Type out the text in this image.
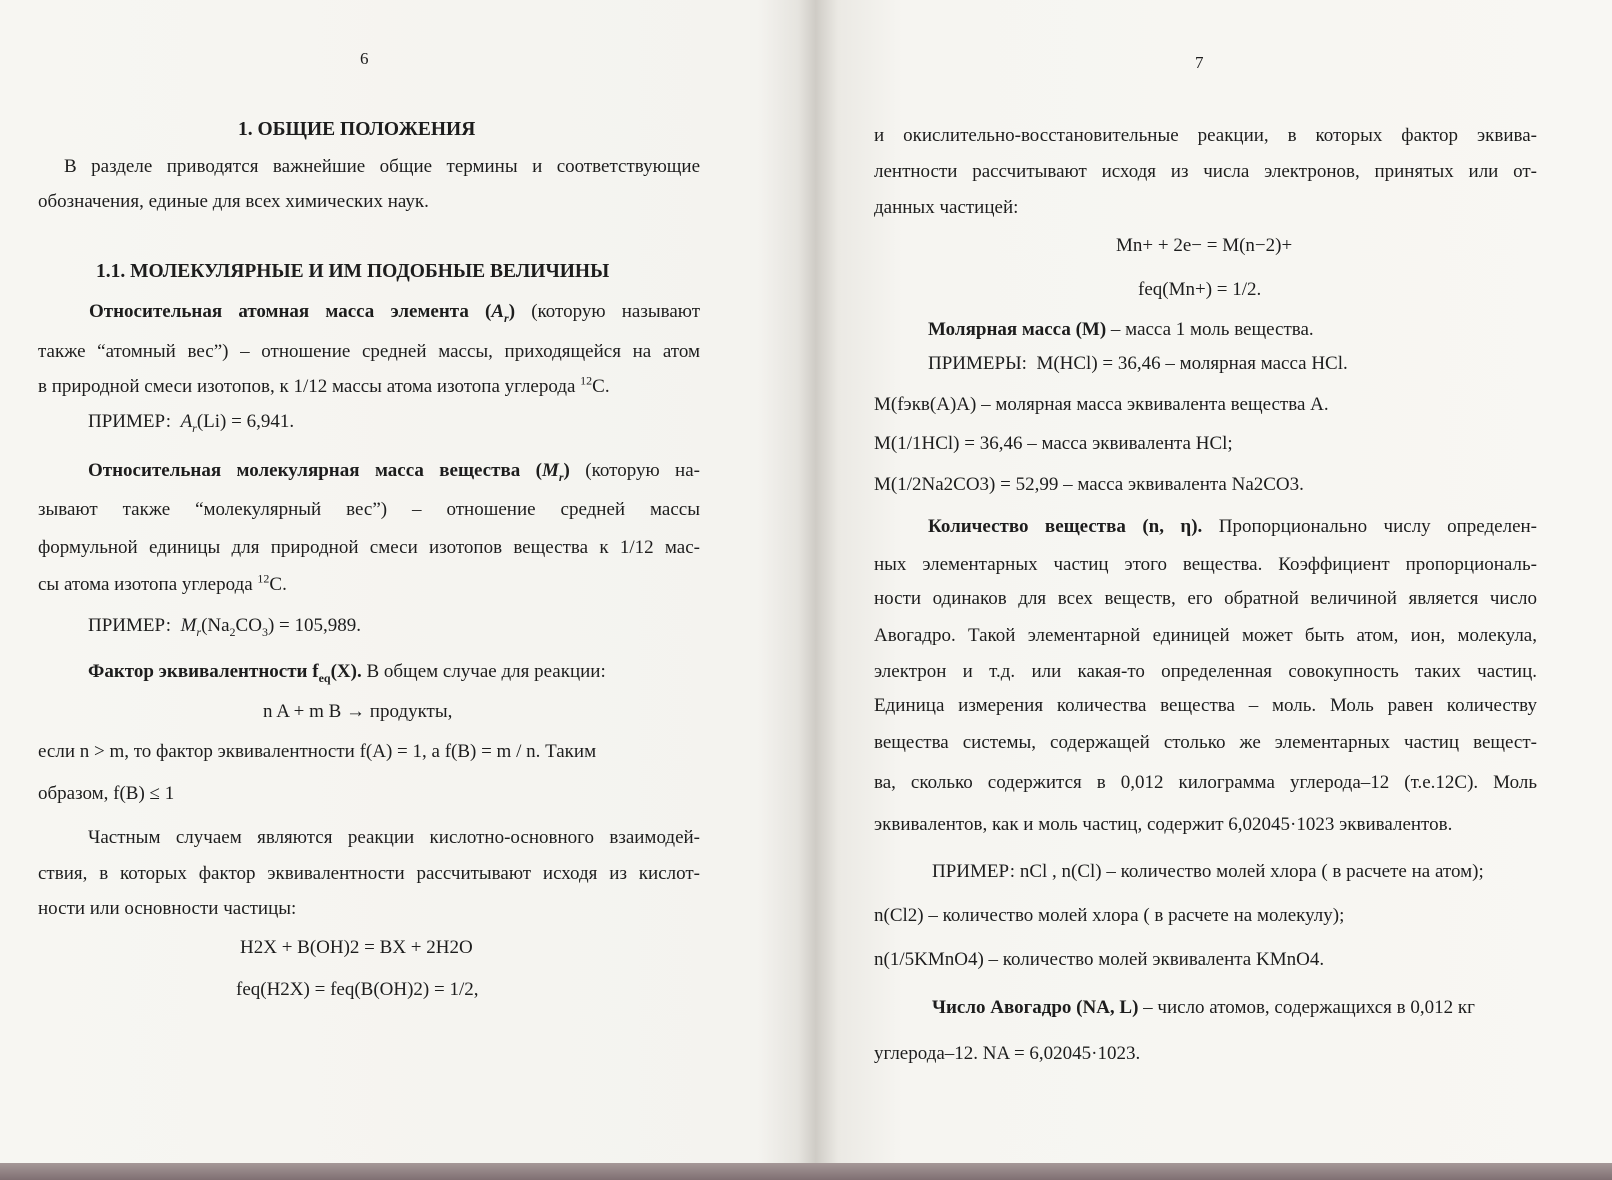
6
1. ОБЩИЕ ПОЛОЖЕНИЯ
В разделе приводятся важнейшие общие термины и соответствующие
обозначения, единые для всех химических наук.
1.1. МОЛЕКУЛЯРНЫЕ И ИМ ПОДОБНЫЕ ВЕЛИЧИНЫ
Относительная атомная масса элемента $(A_r)$ (которую называют
также “атомный вес”) – отношение средней массы, приходящейся на атом
в природной смеси изотопов, к 1/12 массы атома изотопа углерода $^{12}$C.
ПРИМЕР: $A_r(Li) = 6,941$.
Относительная молекулярная масса вещества $(M_r)$ (которую на-
зывают также “молекулярный вес”) – отношение средней массы
формульной единицы для природной смеси изотопов вещества к 1/12 мас-
сы атома изотопа углерода $^{12}$C.
ПРИМЕР: $M_r(Na_2CO_3) = 105,989$.
Фактор эквивалентности $f_{eq}(X)$. В общем случае для реакции:
n A + m B → продукты,
если n > m, то фактор эквивалентности f(A) = 1, а f(B) = m / n. Таким
образом, f(B) ≤ 1
Частным случаем являются реакции кислотно-основного взаимодей-
ствия, в которых фактор эквивалентности рассчитывают исходя из кислот-
ности или основности частицы:
H2X + B(OH)2 = BX + 2H2O
feq(H2X) = feq(B(OH)2) = 1/2,
7
и окислительно-восстановительные реакции, в которых фактор эквива-
лентности рассчитывают исходя из числа электронов, принятых или от-
данных частицей:
Mn+ + 2e− = M(n−2)+
feq(Mn+) = 1/2.
Молярная масса (M) – масса 1 моль вещества.
ПРИМЕРЫ: M(HCl) = 36,46 – молярная масса HCl.
M(fэкв(A)A) – молярная масса эквивалента вещества A.
M(1/1HCl) = 36,46 – масса эквивалента HCl;
M(1/2Na2CO3) = 52,99 – масса эквивалента Na2CO3.
Количество вещества (n, η). Пропорционально числу определен-
ных элементарных частиц этого вещества. Коэффициент пропорциональ-
ности одинаков для всех веществ, его обратной величиной является число
Авогадро. Такой элементарной единицей может быть атом, ион, молекула,
электрон и т.д. или какая-то определенная совокупность таких частиц.
Единица измерения количества вещества – моль. Моль равен количеству
вещества системы, содержащей столько же элементарных частиц вещест-
ва, сколько содержится в 0,012 килограмма углерода–12 (т.е.12C). Моль
эквивалентов, как и моль частиц, содержит 6,02045·1023 эквивалентов.
ПРИМЕР: nCl , n(Cl) – количество молей хлора ( в расчете на атом);
n(Cl2) – количество молей хлора ( в расчете на молекулу);
n(1/5KMnO4) – количество молей эквивалента KMnO4.
Число Авогадро (NA, L) – число атомов, содержащихся в 0,012 кг
углерода–12. NA = 6,02045·1023.
